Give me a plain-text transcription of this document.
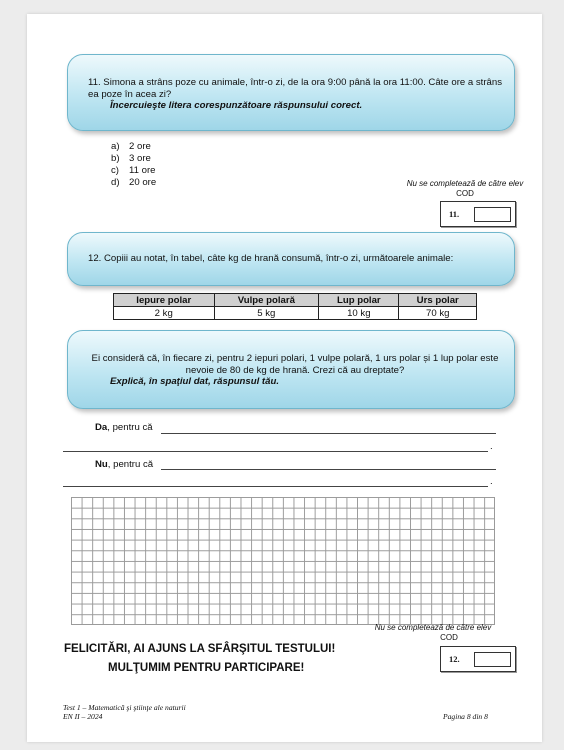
11. Simona a strâns poze cu animale, într-o zi, de la ora 9:00 până la ora 11:00. Câte ore a strâns ea poze în acea zi?
Încercuieşte litera corespunzătoare răspunsului corect.
a) 2 ore
b) 3 ore
c) 11 ore
d) 20 ore	Nu se completează de către elev
COD
11.
12. Copiii au notat, în tabel, câte kg de hrană consumă, într-o zi, următoarele animale:
Iepure polar	Vulpe polară	Lup polar	Urs polar
2 kg	5 kg	10 kg	70 kg
Ei consideră că, în fiecare zi, pentru 2 iepuri polari, 1 vulpe polară, 1 urs polar și 1 lup polar este nevoie de 80 de kg de hrană. Crezi că au dreptate?
Explică, în spaţiul dat, răspunsul tău.
Da, pentru că
.
Nu, pentru că
.
Nu se completează de către elev
COD
12.
FELICITĂRI, AI AJUNS LA SFÂRŞITUL TESTULUI!
MULŢUMIM PENTRU PARTICIPARE!
Test 1 – Matematică şi ştiinţe ale naturii
EN II – 2024	Pagina 8 din 8
